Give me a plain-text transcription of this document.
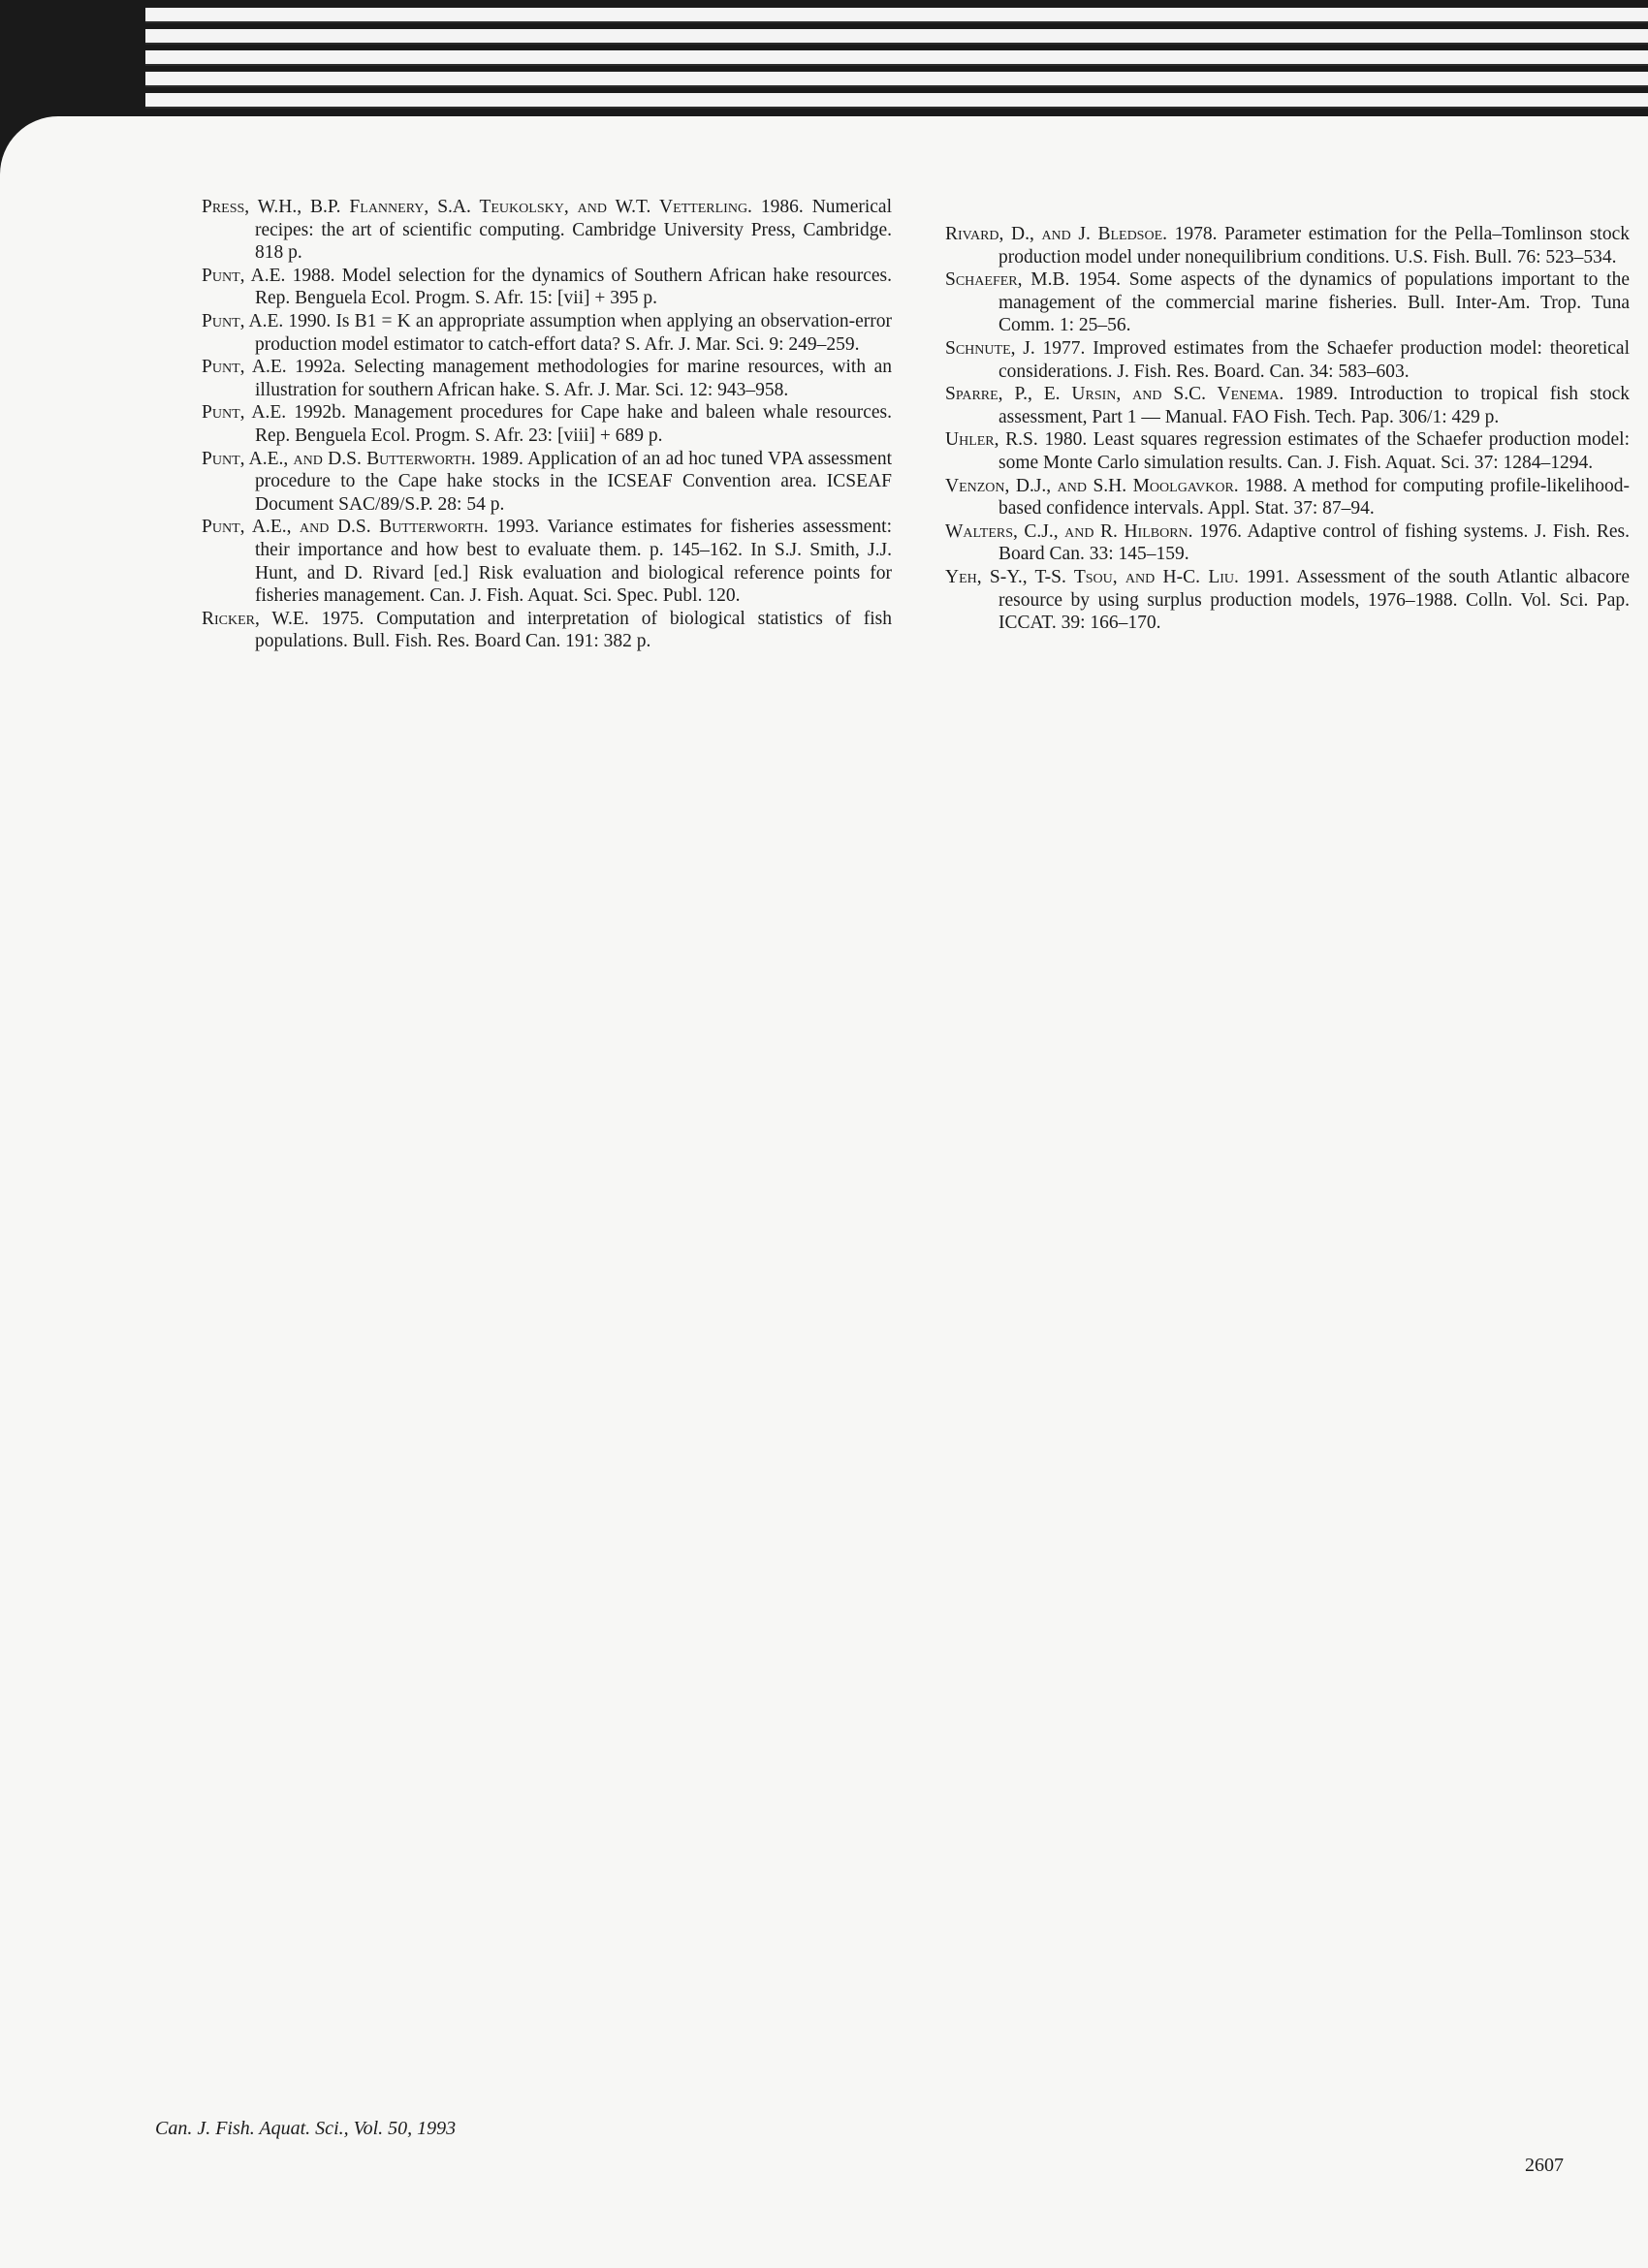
Press, W.H., B.P. Flannery, S.A. Teukolsky, and W.T. Vetterling. 1986. Numerical recipes: the art of scientific computing. Cambridge University Press, Cambridge. 818 p.

Punt, A.E. 1988. Model selection for the dynamics of Southern African hake resources. Rep. Benguela Ecol. Progm. S. Afr. 15: [vii] + 395 p.

Punt, A.E. 1990. Is B1 = K an appropriate assumption when applying an observation-error production model estimator to catch-effort data? S. Afr. J. Mar. Sci. 9: 249–259.

Punt, A.E. 1992a. Selecting management methodologies for marine resources, with an illustration for southern African hake. S. Afr. J. Mar. Sci. 12: 943–958.

Punt, A.E. 1992b. Management procedures for Cape hake and baleen whale resources. Rep. Benguela Ecol. Progm. S. Afr. 23: [viii] + 689 p.

Punt, A.E., and D.S. Butterworth. 1989. Application of an ad hoc tuned VPA assessment procedure to the Cape hake stocks in the ICSEAF Convention area. ICSEAF Document SAC/89/S.P. 28: 54 p.

Punt, A.E., and D.S. Butterworth. 1993. Variance estimates for fisheries assessment: their importance and how best to evaluate them. p. 145–162. In S.J. Smith, J.J. Hunt, and D. Rivard [ed.] Risk evaluation and biological reference points for fisheries management. Can. J. Fish. Aquat. Sci. Spec. Publ. 120.

Ricker, W.E. 1975. Computation and interpretation of biological statistics of fish populations. Bull. Fish. Res. Board Can. 191: 382 p.

Rivard, D., and J. Bledsoe. 1978. Parameter estimation for the Pella–Tomlinson stock production model under nonequilibrium conditions. U.S. Fish. Bull. 76: 523–534.

Schaefer, M.B. 1954. Some aspects of the dynamics of populations important to the management of the commercial marine fisheries. Bull. Inter-Am. Trop. Tuna Comm. 1: 25–56.

Schnute, J. 1977. Improved estimates from the Schaefer production model: theoretical considerations. J. Fish. Res. Board. Can. 34: 583–603.

Sparre, P., E. Ursin, and S.C. Venema. 1989. Introduction to tropical fish stock assessment, Part 1 — Manual. FAO Fish. Tech. Pap. 306/1: 429 p.

Uhler, R.S. 1980. Least squares regression estimates of the Schaefer production model: some Monte Carlo simulation results. Can. J. Fish. Aquat. Sci. 37: 1284–1294.

Venzon, D.J., and S.H. Moolgavkor. 1988. A method for computing profile-likelihood-based confidence intervals. Appl. Stat. 37: 87–94.

Walters, C.J., and R. Hilborn. 1976. Adaptive control of fishing systems. J. Fish. Res. Board Can. 33: 145–159.

Yeh, S-Y., T-S. Tsou, and H-C. Liu. 1991. Assessment of the south Atlantic albacore resource by using surplus production models, 1976–1988. Colln. Vol. Sci. Pap. ICCAT. 39: 166–170.

Can. J. Fish. Aquat. Sci., Vol. 50, 1993
2607
